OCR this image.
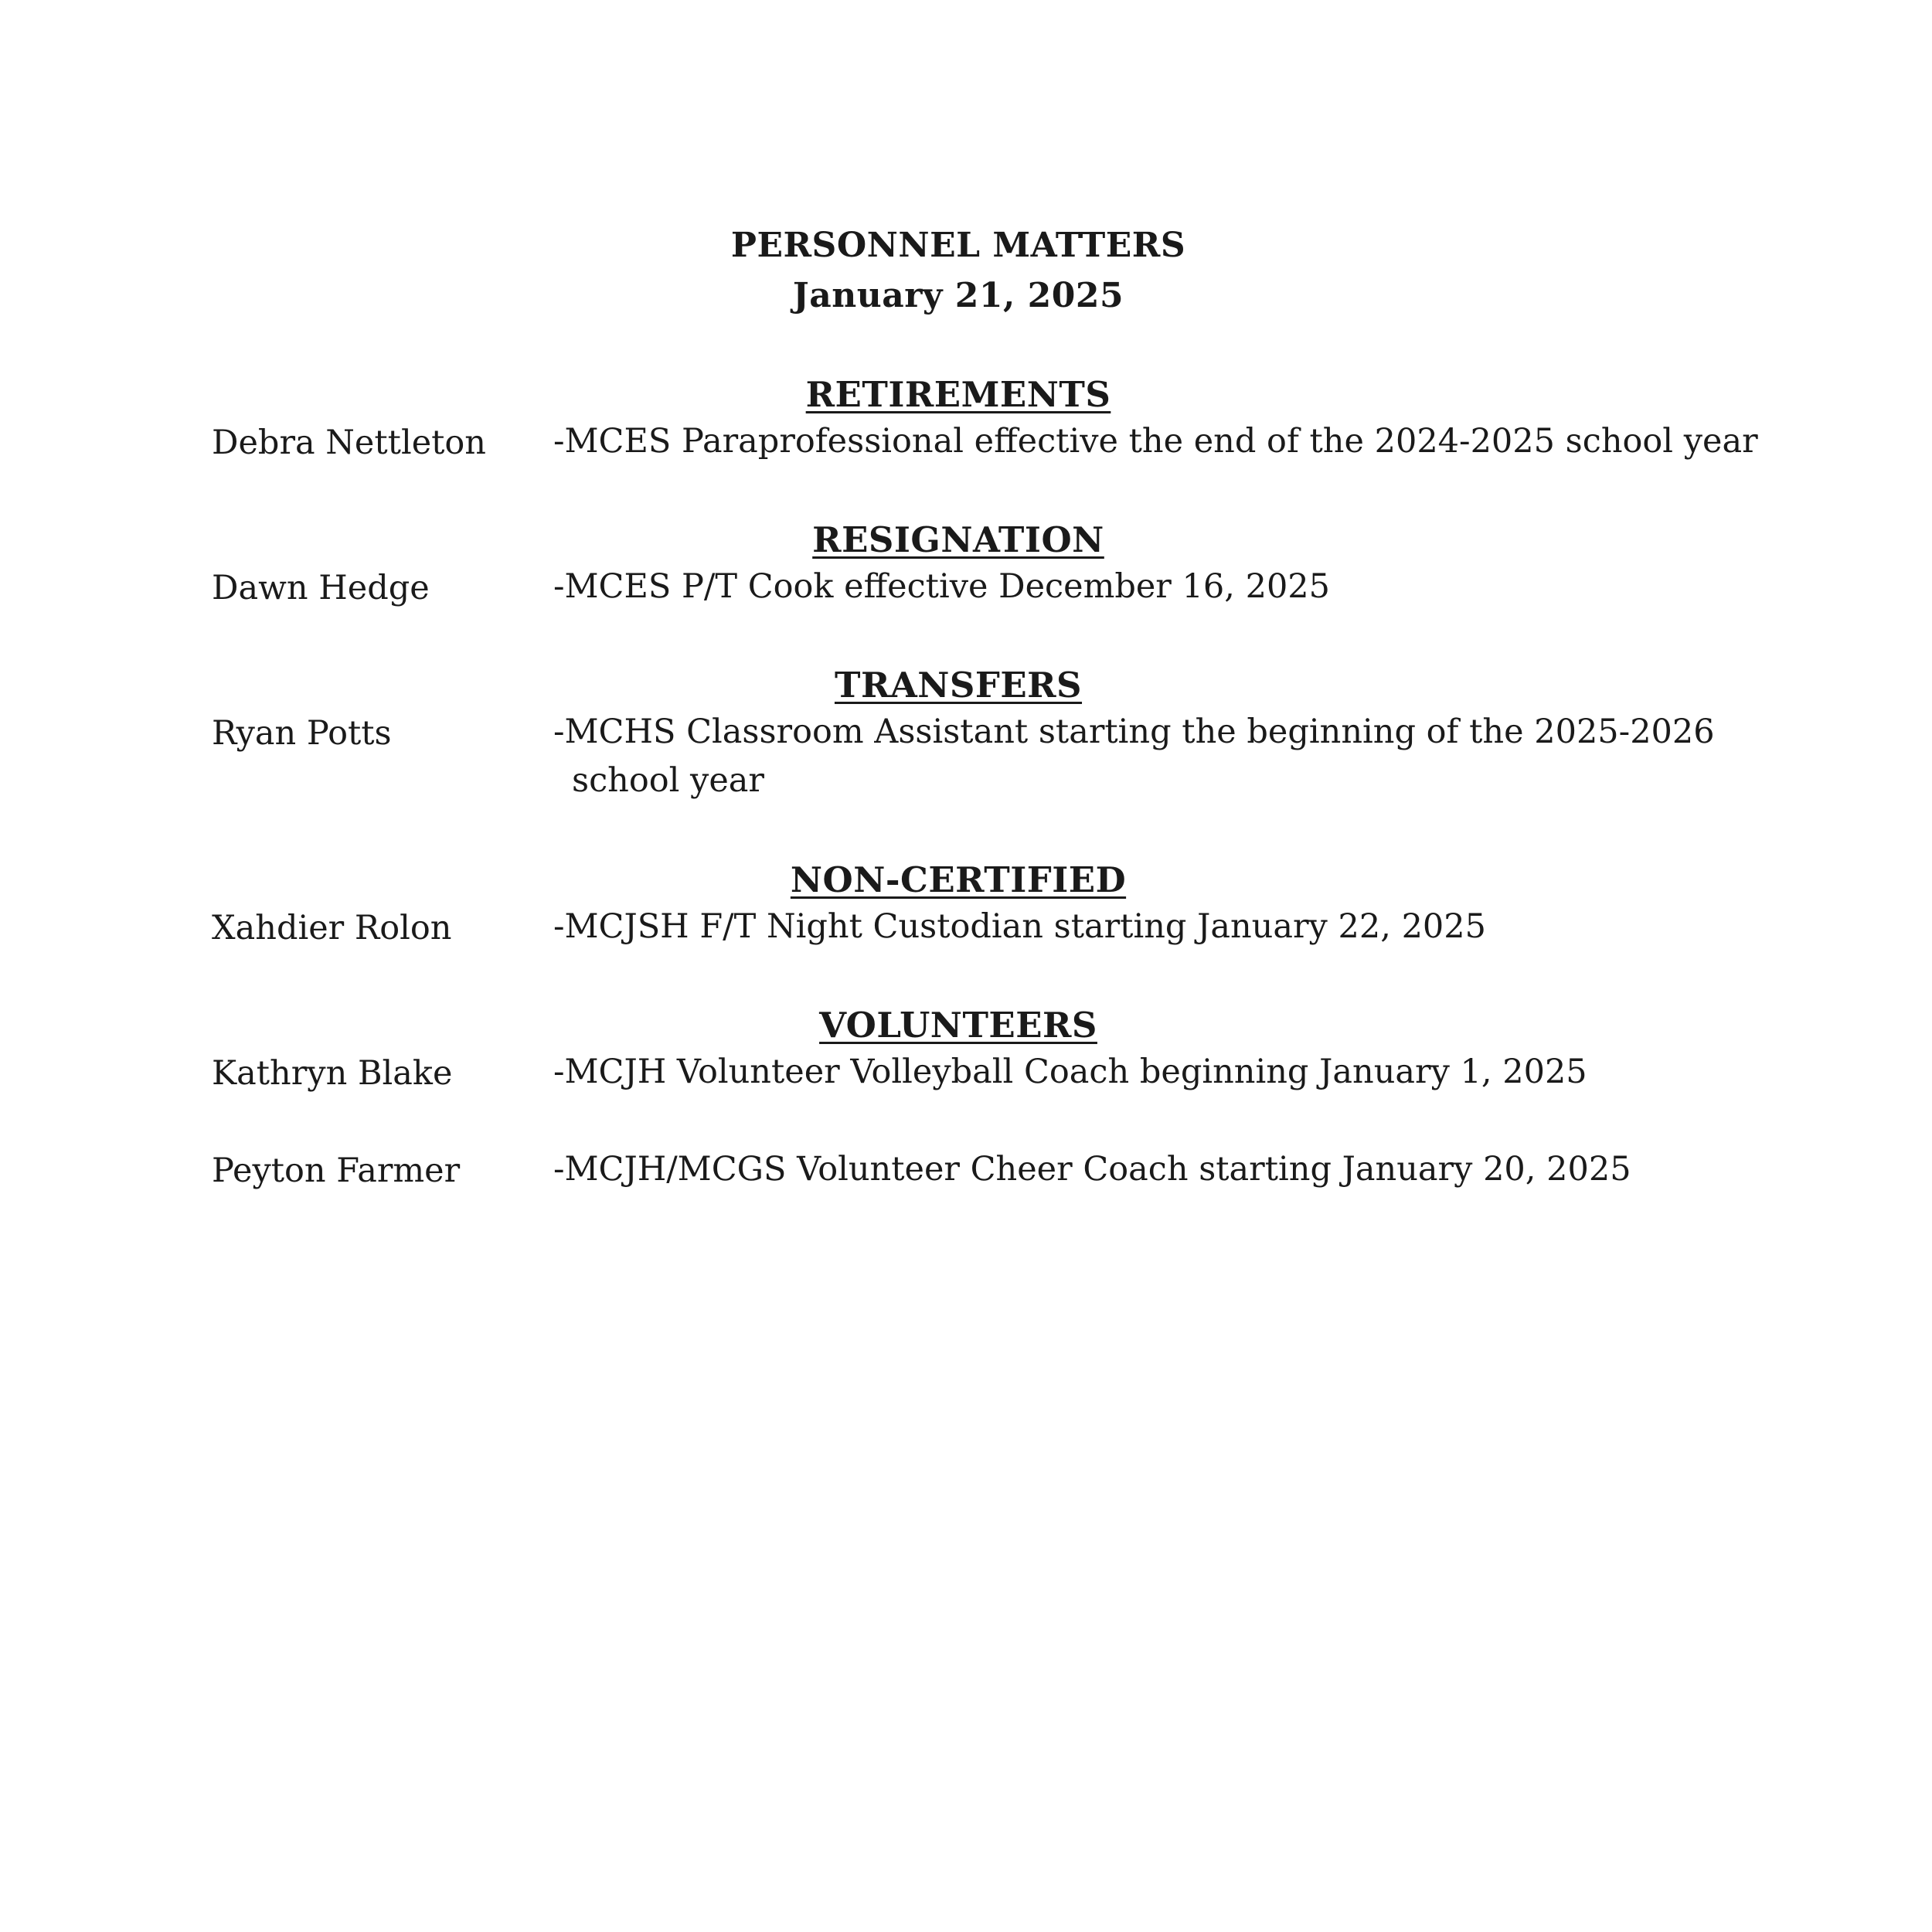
PERSONNEL MATTERS
January 21, 2025
RETIREMENTS
Debra Nettleton -MCES Paraprofessional effective the end of the 2024-2025 school year
RESIGNATION
Dawn Hedge	-MCES P/T Cook effective December 16, 2025
TRANSFERS
Ryan Potts	-MCHS Classroom Assistant starting the beginning of the 2025-2026
school year
NON-CERTIFIED
Xahdier Rolon	-MCJSH F/T Night Custodian starting January 22, 2025
VOLUNTEERS
Kathryn Blake	-MCJH Volunteer Volleyball Coach beginning January 1, 2025
Peyton Farmer	-MCJH/MCGS Volunteer Cheer Coach starting January 20, 2025
